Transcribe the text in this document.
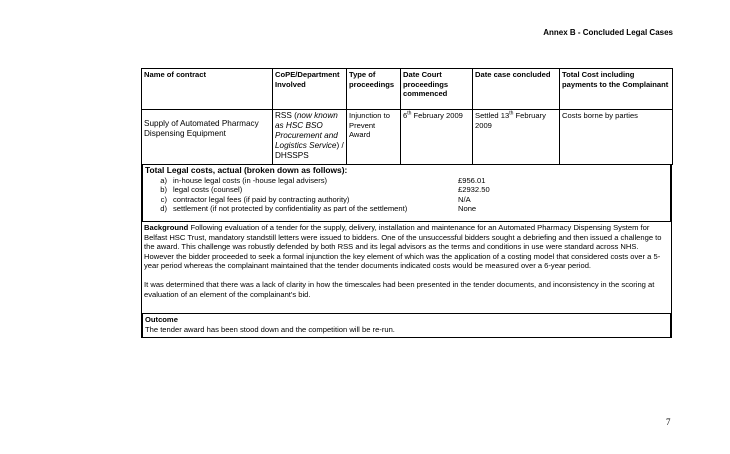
Annex B - Concluded Legal Cases
Name of contract	CoPE/Department Involved	Type of proceedings	Date Court proceedings commenced	Date case concluded	Total Cost including payments to the Complainant

Supply of Automated Pharmacy Dispensing Equipment	RSS (now known as HSC BSO Procurement and Logistics Service) / DHSSPS	Injunction to Prevent Award	6th February 2009	Settled 13th February 2009	Costs borne by parties
Total Legal costs, actual (broken down as follows):
a) in-house legal costs (in -house legal advisers)	£956.01
b) legal costs (counsel)	£2932.50
c) contractor legal fees (if paid by contracting authority)	N/A
d) settlement (if not protected by confidentiality as part of the settlement)	None

Background Following evaluation of a tender for the supply, delivery, installation and maintenance for an Automated Pharmacy Dispensing System for Belfast HSC Trust, mandatory standstill letters were issued to bidders. One of the unsuccessful bidders sought a debriefing and then issued a challenge to the award. This challenge was robustly defended by both RSS and its legal advisors as the terms and conditions in use were standard across NHS. However the bidder proceeded to seek a formal injunction the key element of which was the application of a costing model that considered costs over a 5-year period whereas the complainant maintained that the tender documents indicated costs would be measured over a 6-year period.

It was determined that there was a lack of clarity in how the timescales had been presented in the tender documents, and inconsistency in the scoring at evaluation of an element of the complainant's bid.

Outcome
The tender award has been stood down and the competition will be re-run.
7
